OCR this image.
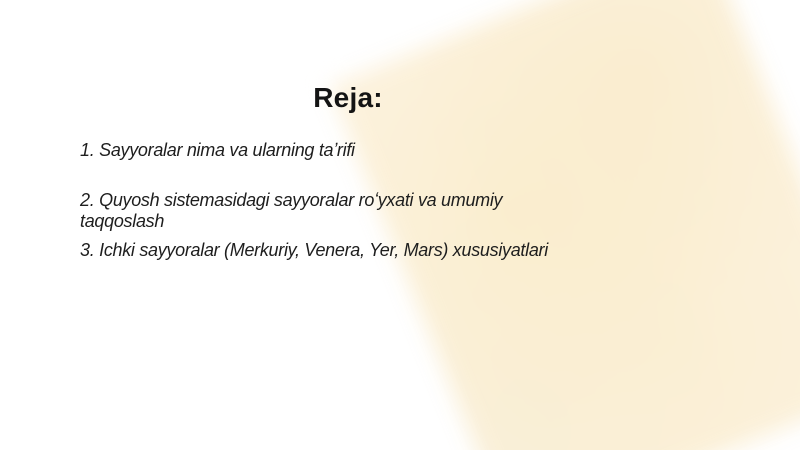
Reja:
1. Sayyoralar nima va ularning taʼrifi
2. Quyosh sistemasidagi sayyoralar roʻyxati va umumiy
taqqoslash
3. Ichki sayyoralar (Merkuriy, Venera, Yer, Mars) xususiyatlari
